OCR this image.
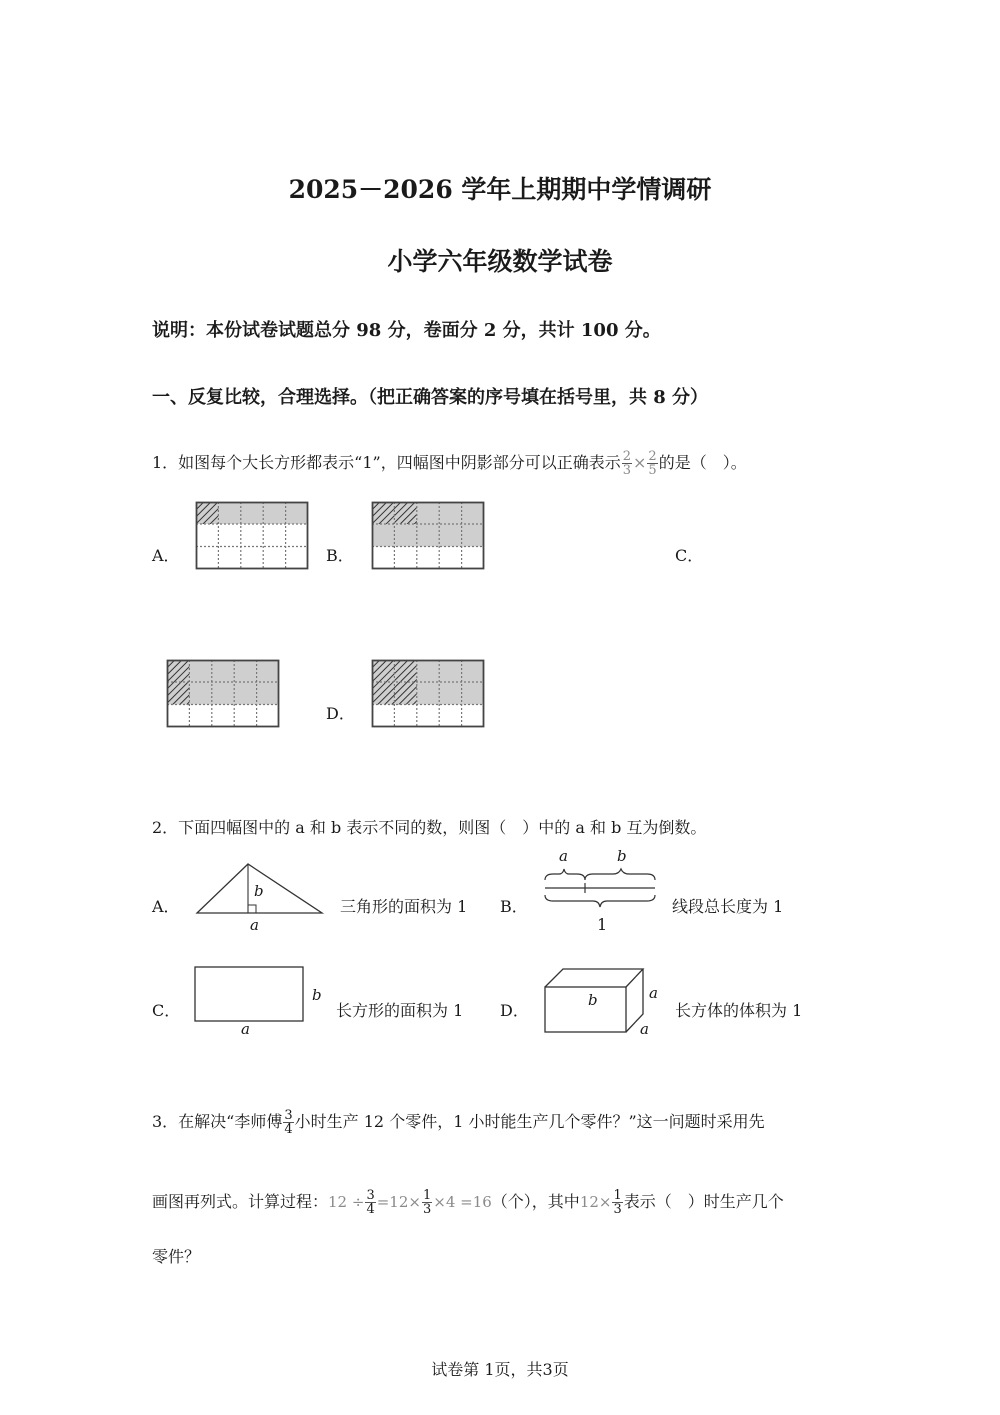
2025－2026 学年上期期中学情调研
小学六年级数学试卷
说明：本份试卷试题总分 98 分，卷面分 2 分，共计 100 分。
一、反复比较，合理选择。（把正确答案的序号填在括号里，共 8 分）
1．如图每个大长方形都表示“1”，四幅图中阴影部分可以正确表示 $\frac{2}{3} \times \frac{2}{5}$ 的是（　）。
A．	B．	C．
D．
2．下面四幅图中的 a 和 b 表示不同的数，则图（　）中的 a 和 b 互为倒数。
A．
b
a
三角形的面积为 1 B．
a	b
1
线段总长度为 1
C．
b
a
长方形的面积为 1 D．
b	a
a
长方体的体积为 1
3．在解决“李师傅 $\frac{3}{4}$ 小时生产 12 个零件，1 小时能生产几个零件？”这一问题时采用先
画图再列式。计算过程：$12 \div \frac{3}{4} =12\times \frac{1}{3} \times 4 =16$（个），其中$12\times \frac{1}{3}$ 表示（　）时生产几个
零件？
试卷第 1页，共3页
